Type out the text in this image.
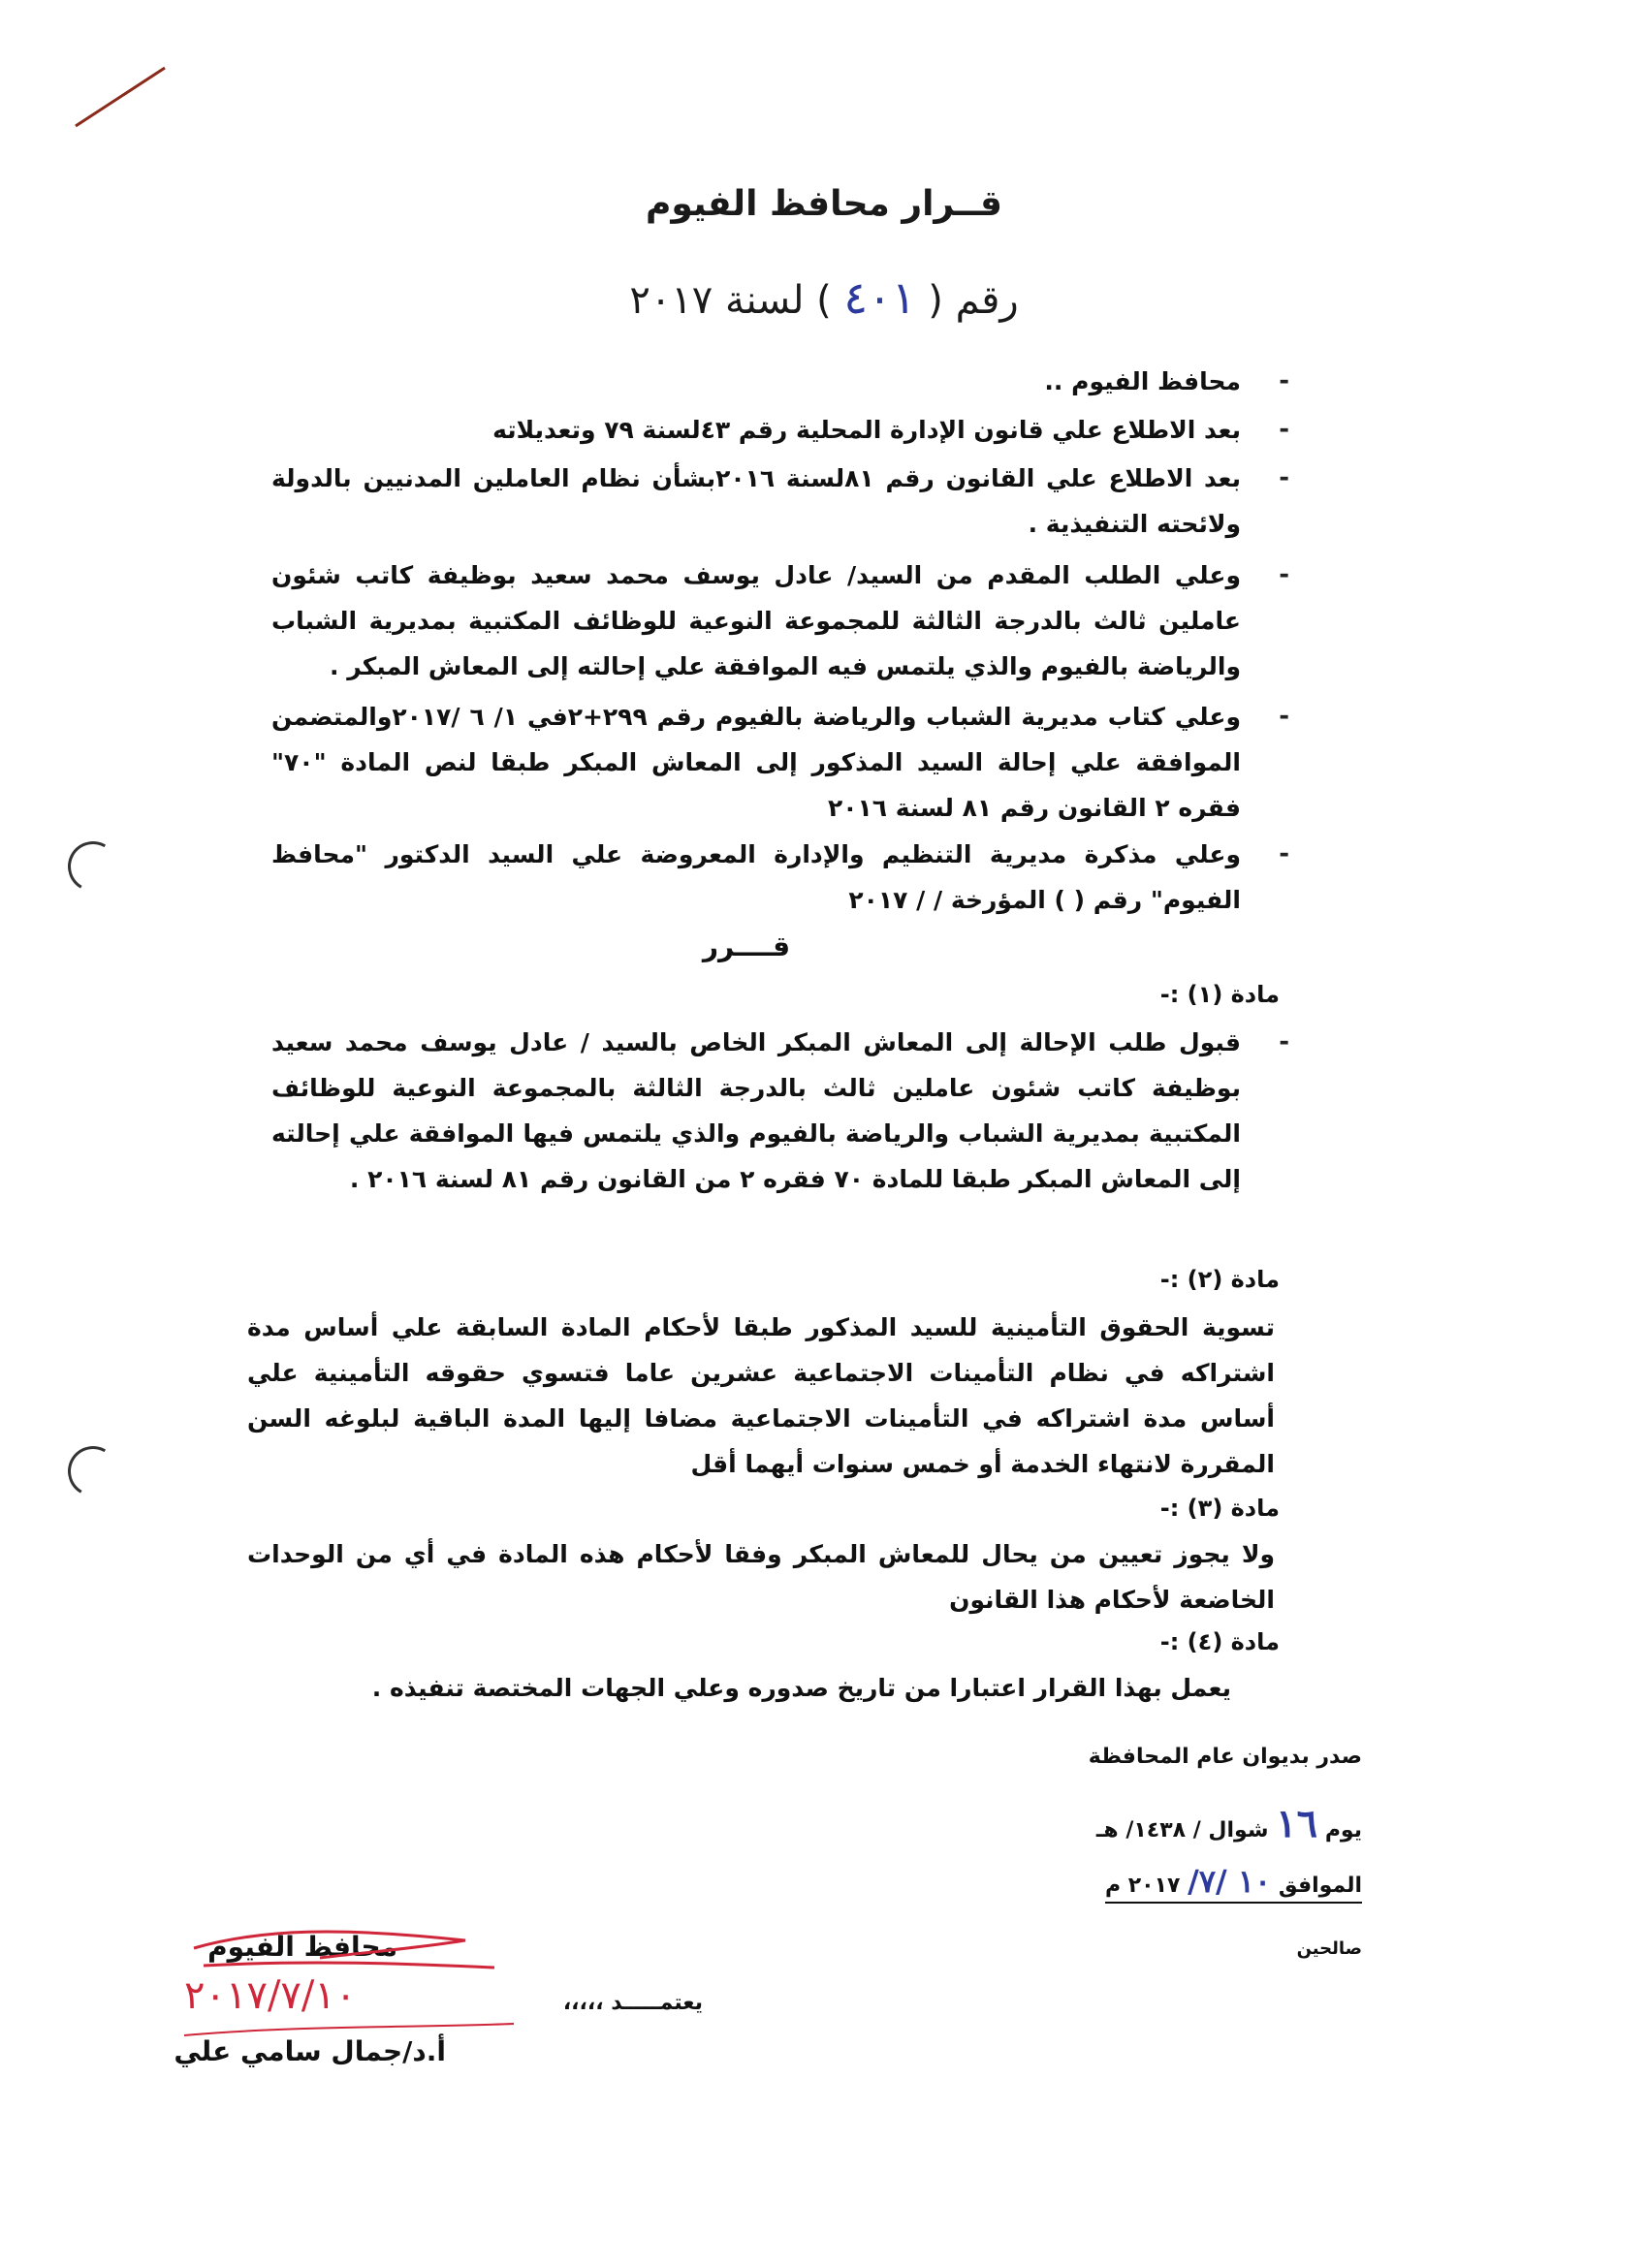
قــرار محافظ الفيوم
رقم ( ٤٠١ ) لسنة ٢٠١٧
-
محافظ الفيوم ..
-
بعد الاطلاع علي قانون الإدارة المحلية رقم ٤٣لسنة ٧٩ وتعديلاته
-
بعد الاطلاع علي القانون رقم ٨١لسنة ٢٠١٦بشأن نظام العاملين المدنيين بالدولة ولائحته التنفيذية .
-
وعلي الطلب المقدم من السيد/ عادل يوسف محمد سعيد بوظيفة كاتب شئون عاملين ثالث بالدرجة الثالثة للمجموعة النوعية للوظائف المكتبية بمديرية الشباب والرياضة بالفيوم والذي يلتمس فيه الموافقة علي إحالته إلى المعاش المبكر .
-
وعلي كتاب مديرية الشباب والرياضة بالفيوم رقم ٢٩٩+٢في ١/ ٦ /٢٠١٧والمتضمن الموافقة علي إحالة السيد المذكور إلى المعاش المبكر طبقا لنص المادة "٧٠" فقره ٢ القانون رقم ٨١ لسنة ٢٠١٦
-
وعلي مذكرة مديرية التنظيم والإدارة المعروضة علي السيد الدكتور "محافظ الفيوم" رقم ( ) المؤرخة / / ٢٠١٧
قــــرر
مادة (١) :-
-
قبول طلب الإحالة إلى المعاش المبكر الخاص بالسيد / عادل يوسف محمد سعيد بوظيفة كاتب شئون عاملين ثالث بالدرجة الثالثة بالمجموعة النوعية للوظائف المكتبية بمديرية الشباب والرياضة بالفيوم والذي يلتمس فيها الموافقة علي إحالته إلى المعاش المبكر طبقا للمادة ٧٠ فقره ٢ من القانون رقم ٨١ لسنة ٢٠١٦ .
مادة (٢) :-
تسوية الحقوق التأمينية للسيد المذكور طبقا لأحكام المادة السابقة علي أساس مدة اشتراكه في نظام التأمينات الاجتماعية عشرين عاما فتسوي حقوقه التأمينية علي أساس مدة اشتراكه في التأمينات الاجتماعية مضافا إليها المدة الباقية لبلوغه السن المقررة لانتهاء الخدمة أو خمس سنوات أيهما أقل
مادة (٣) :-
ولا يجوز تعيين من يحال للمعاش المبكر وفقا لأحكام هذه المادة في أي من الوحدات الخاضعة لأحكام هذا القانون
مادة (٤) :-
يعمل بهذا القرار اعتبارا من تاريخ صدوره وعلي الجهات المختصة تنفيذه .
صدر بديوان عام المحافظة
يوم ١٦ شوال / ١٤٣٨/ هـ
الموافق ١٠ /٧/ ٢٠١٧ م
صالحين
محافظ الفيوم
يعتمـــــد ،،،،،
٢٠١٧/٧/١٠
أ.د/جمال سامي علي
